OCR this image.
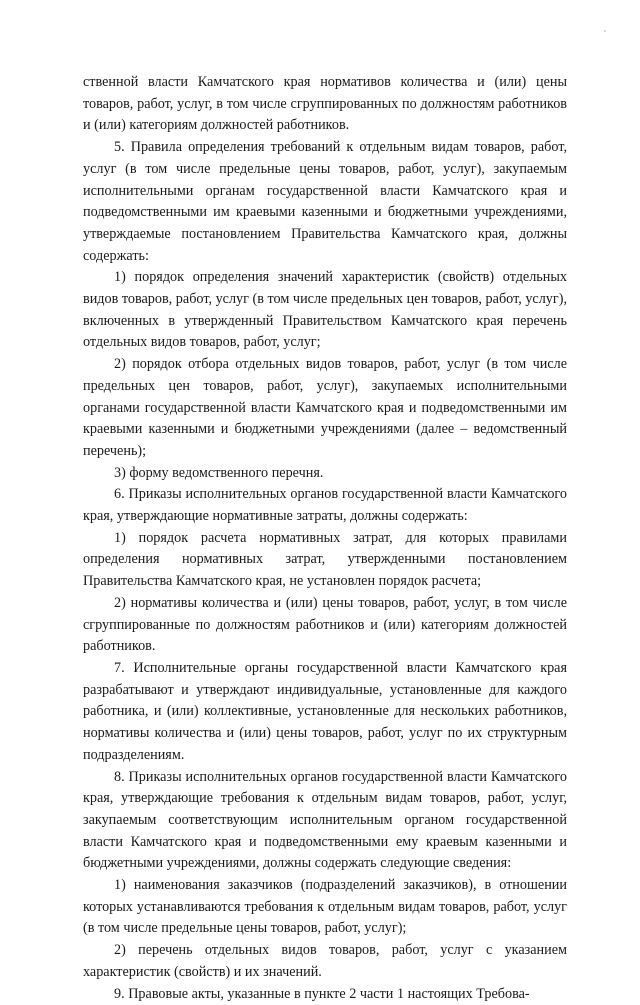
ственной власти Камчатского края нормативов количества и (или) цены товаров, работ, услуг, в том числе сгруппированных по должностям работников и (или) категориям должностей работников.

5. Правила определения требований к отдельным видам товаров, работ, услуг (в том числе предельные цены товаров, работ, услуг), закупаемым исполнительными органам государственной власти Камчатского края и подведомственными им краевыми казенными и бюджетными учреждениями, утверждаемые постановлением Правительства Камчатского края, должны содержать:

1) порядок определения значений характеристик (свойств) отдельных видов товаров, работ, услуг (в том числе предельных цен товаров, работ, услуг), включенных в утвержденный Правительством Камчатского края перечень отдельных видов товаров, работ, услуг;

2) порядок отбора отдельных видов товаров, работ, услуг (в том числе предельных цен товаров, работ, услуг), закупаемых исполнительными органами государственной власти Камчатского края и подведомственными им краевыми казенными и бюджетными учреждениями (далее – ведомственный перечень);

3) форму ведомственного перечня.

6. Приказы исполнительных органов государственной власти Камчатского края, утверждающие нормативные затраты, должны содержать:

1) порядок расчета нормативных затрат, для которых правилами определения нормативных затрат, утвержденными постановлением Правительства Камчатского края, не установлен порядок расчета;

2) нормативы количества и (или) цены товаров, работ, услуг, в том числе сгруппированные по должностям работников и (или) категориям должностей работников.

7. Исполнительные органы государственной власти Камчатского края разрабатывают и утверждают индивидуальные, установленные для каждого работника, и (или) коллективные, установленные для нескольких работников, нормативы количества и (или) цены товаров, работ, услуг по их структурным подразделениям.

8. Приказы исполнительных органов государственной власти Камчатского края, утверждающие требования к отдельным видам товаров, работ, услуг, закупаемым соответствующим исполнительным органом государственной власти Камчатского края и подведомственными ему краевым казенными и бюджетными учреждениями, должны содержать следующие сведения:

1) наименования заказчиков (подразделений заказчиков), в отношении которых устанавливаются требования к отдельным видам товаров, работ, услуг (в том числе предельные цены товаров, работ, услуг);

2) перечень отдельных видов товаров, работ, услуг с указанием характеристик (свойств) и их значений.

9. Правовые акты, указанные в пункте 2 части 1 настоящих Требова-
